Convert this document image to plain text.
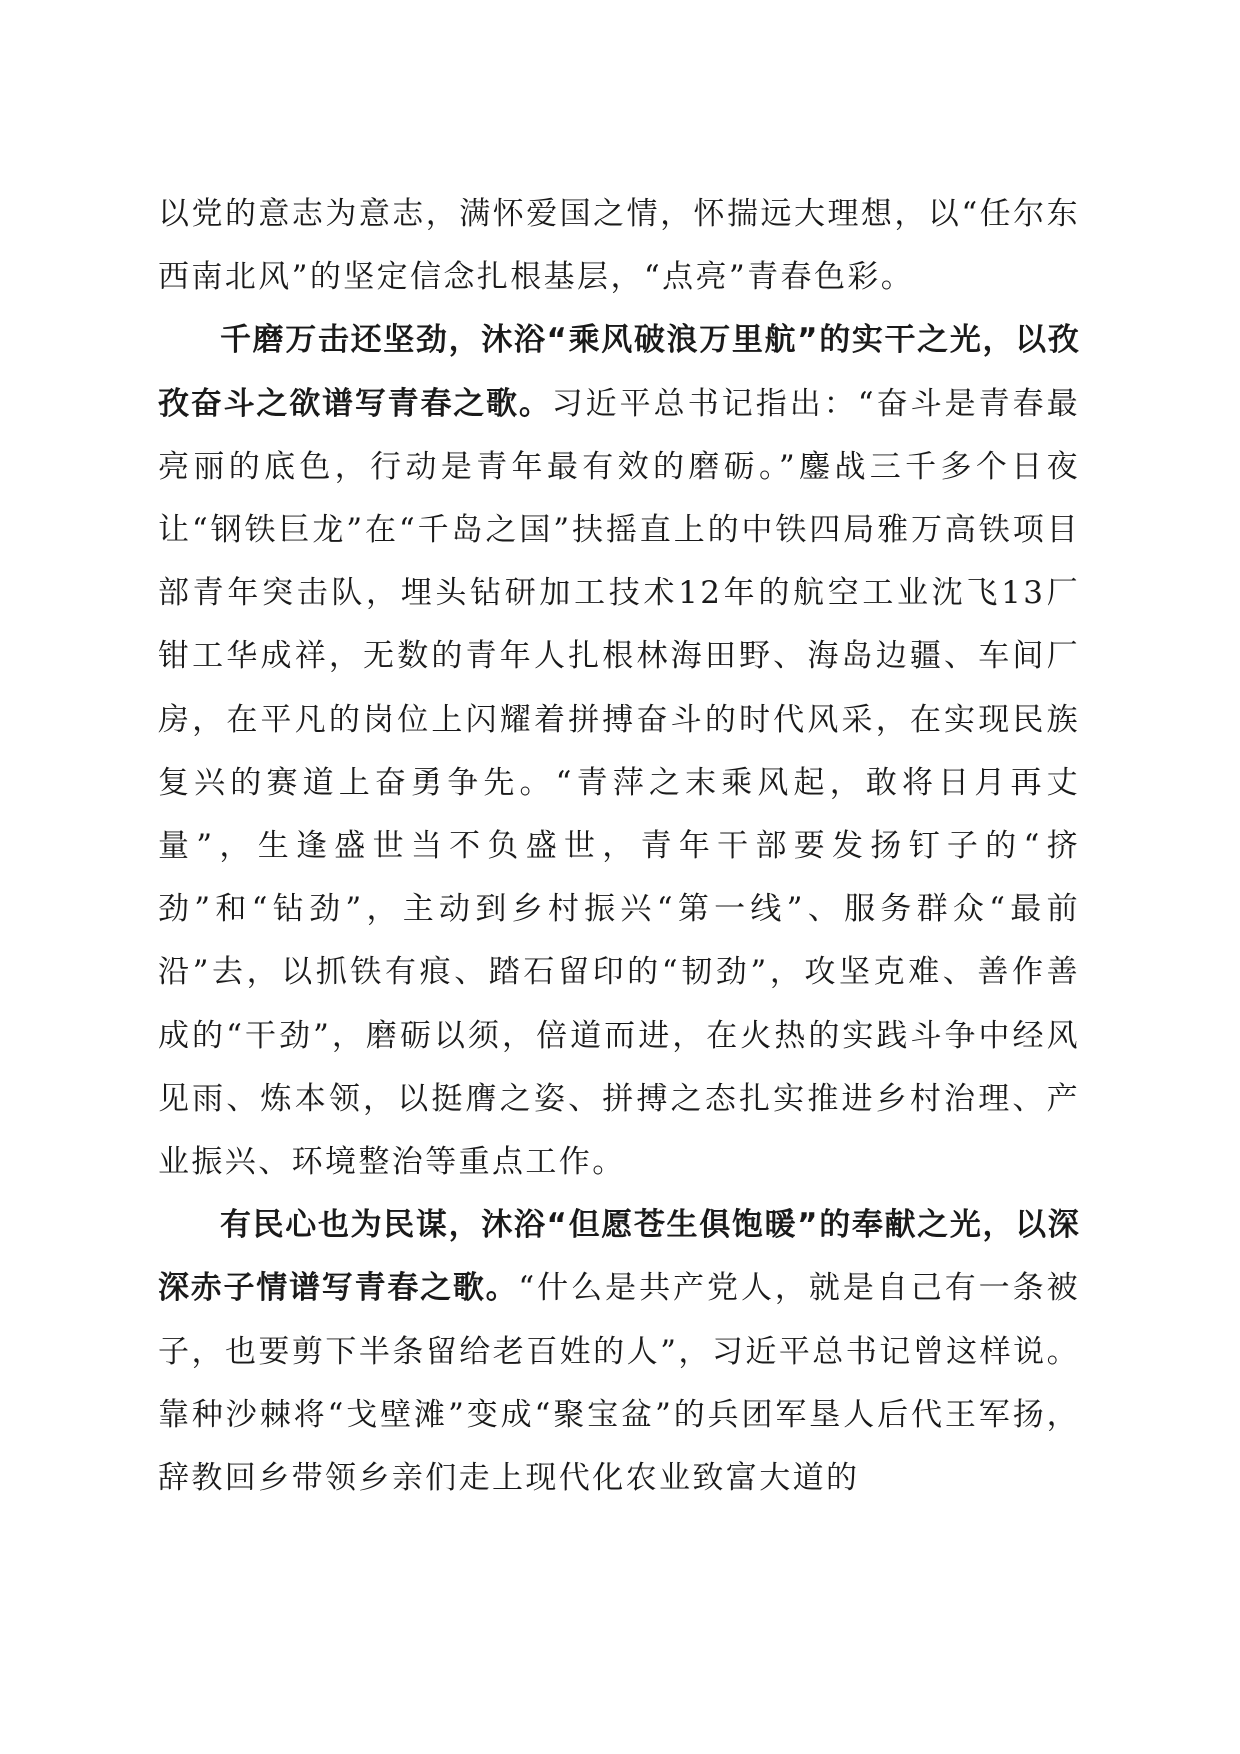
以党的意志为意志，满怀爱国之情，怀揣远大理想，以“任尔东西南北风”的坚定信念扎根基层，“点亮”青春色彩。

千磨万击还坚劲，沐浴“乘风破浪万里航”的实干之光，以孜孜奋斗之欲谱写青春之歌。习近平总书记指出：“奋斗是青春最亮丽的底色，行动是青年最有效的磨砺。”鏖战三千多个日夜让“钢铁巨龙”在“千岛之国”扶摇直上的中铁四局雅万高铁项目部青年突击队，埋头钻研加工技术12年的航空工业沈飞13厂钳工华成祥，无数的青年人扎根林海田野、海岛边疆、车间厂房，在平凡的岗位上闪耀着拼搏奋斗的时代风采，在实现民族复兴的赛道上奋勇争先。“青萍之末乘风起，敢将日月再丈量”，生逢盛世当不负盛世，青年干部要发扬钉子的“挤劲”和“钻劲”，主动到乡村振兴“第一线”、服务群众“最前沿”去，以抓铁有痕、踏石留印的“韧劲”，攻坚克难、善作善成的“干劲”，磨砺以须，倍道而进，在火热的实践斗争中经风见雨、炼本领，以挺膺之姿、拼搏之态扎实推进乡村治理、产业振兴、环境整治等重点工作。

有民心也为民谋，沐浴“但愿苍生俱饱暖”的奉献之光，以深深赤子情谱写青春之歌。“什么是共产党人，就是自己有一条被子，也要剪下半条留给老百姓的人”，习近平总书记曾这样说。靠种沙棘将“戈壁滩”变成“聚宝盆”的兵团军垦人后代王军扬，辞教回乡带领乡亲们走上现代化农业致富大道的
